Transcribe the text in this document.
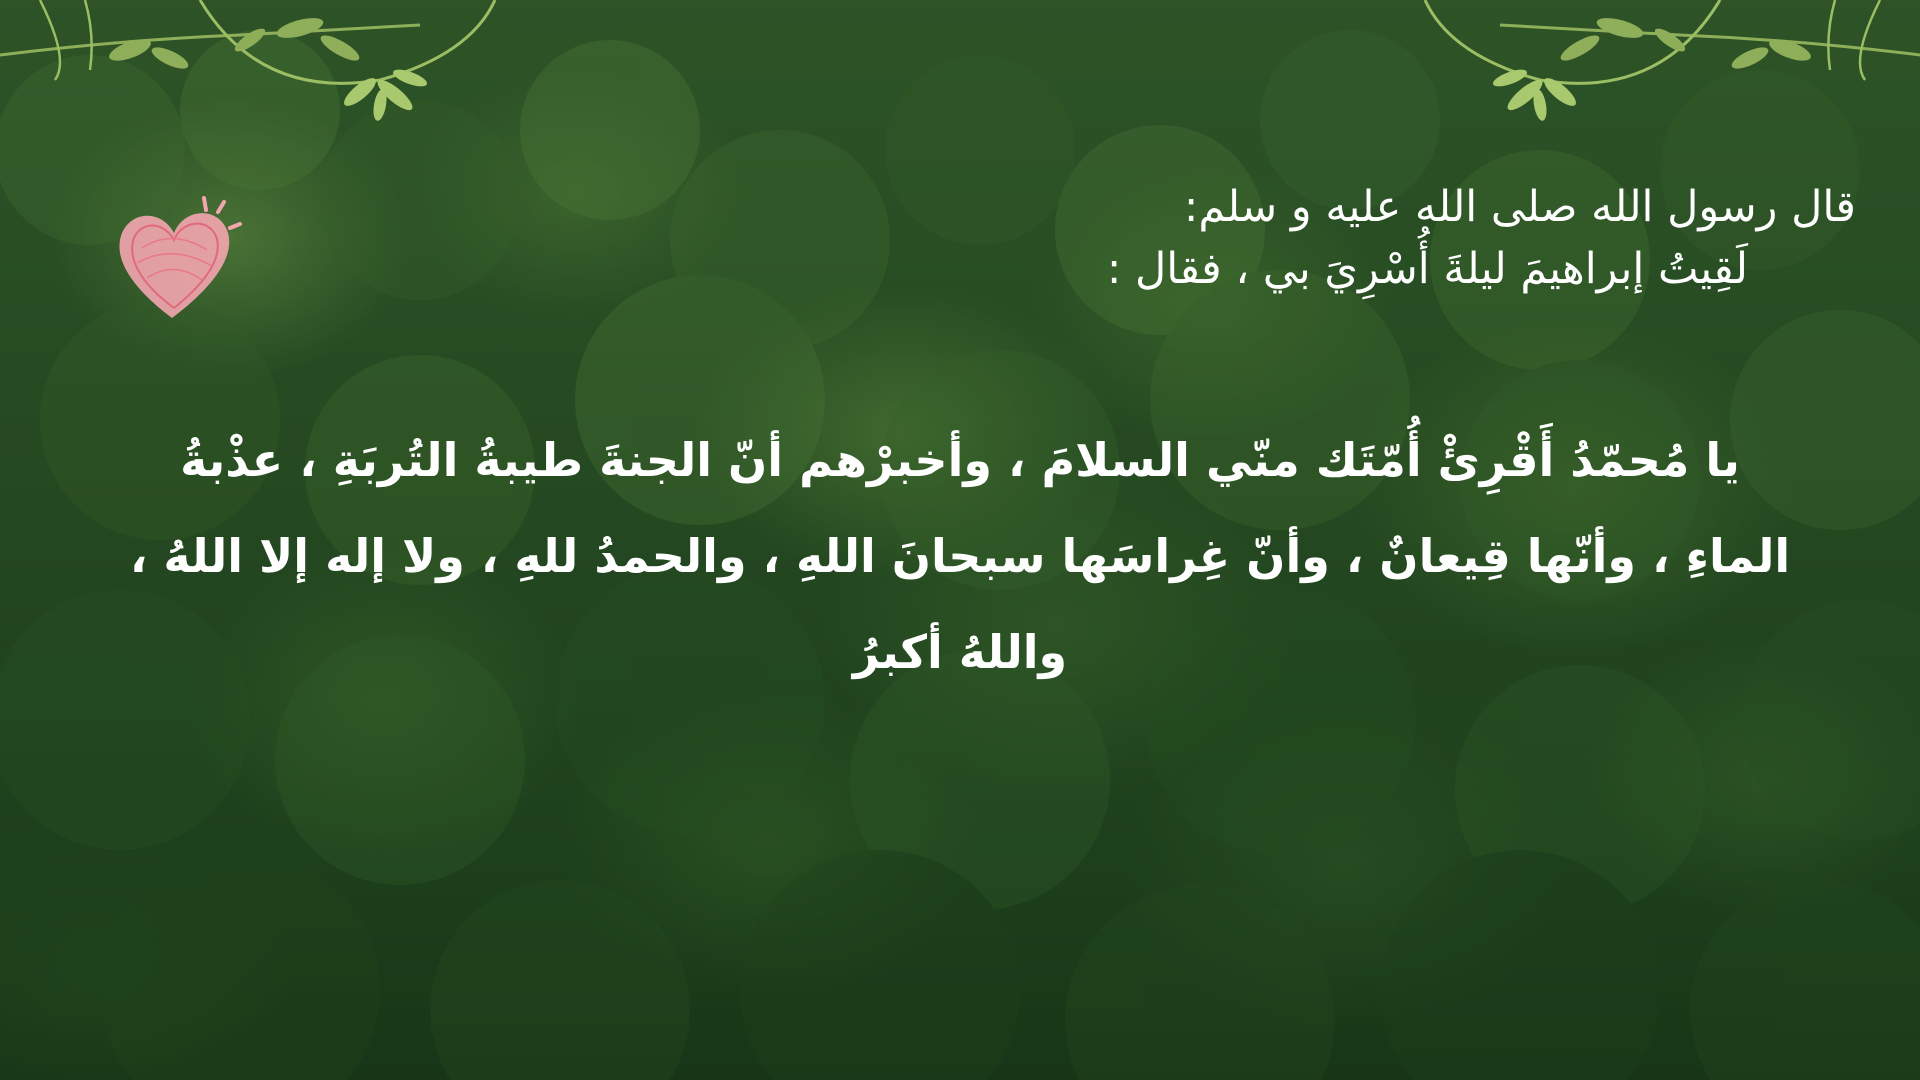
قال رسول الله صلى الله عليه و سلم:
لَقِيتُ إبراهيمَ ليلةَ أُسْرِيَ بي ، فقال :
يا مُحمّدُ أَقْرِئْ أُمّتَك منّي السلامَ ، وأخبرْهم أنّ الجنةَ طيبةُ التُربَةِ ، عذْبةُ الماءِ ، وأنّها قِيعانٌ ، وأنّ غِراسَها سبحانَ اللهِ ، والحمدُ للهِ ، ولا إله إلا اللهُ ، واللهُ أكبرُ
